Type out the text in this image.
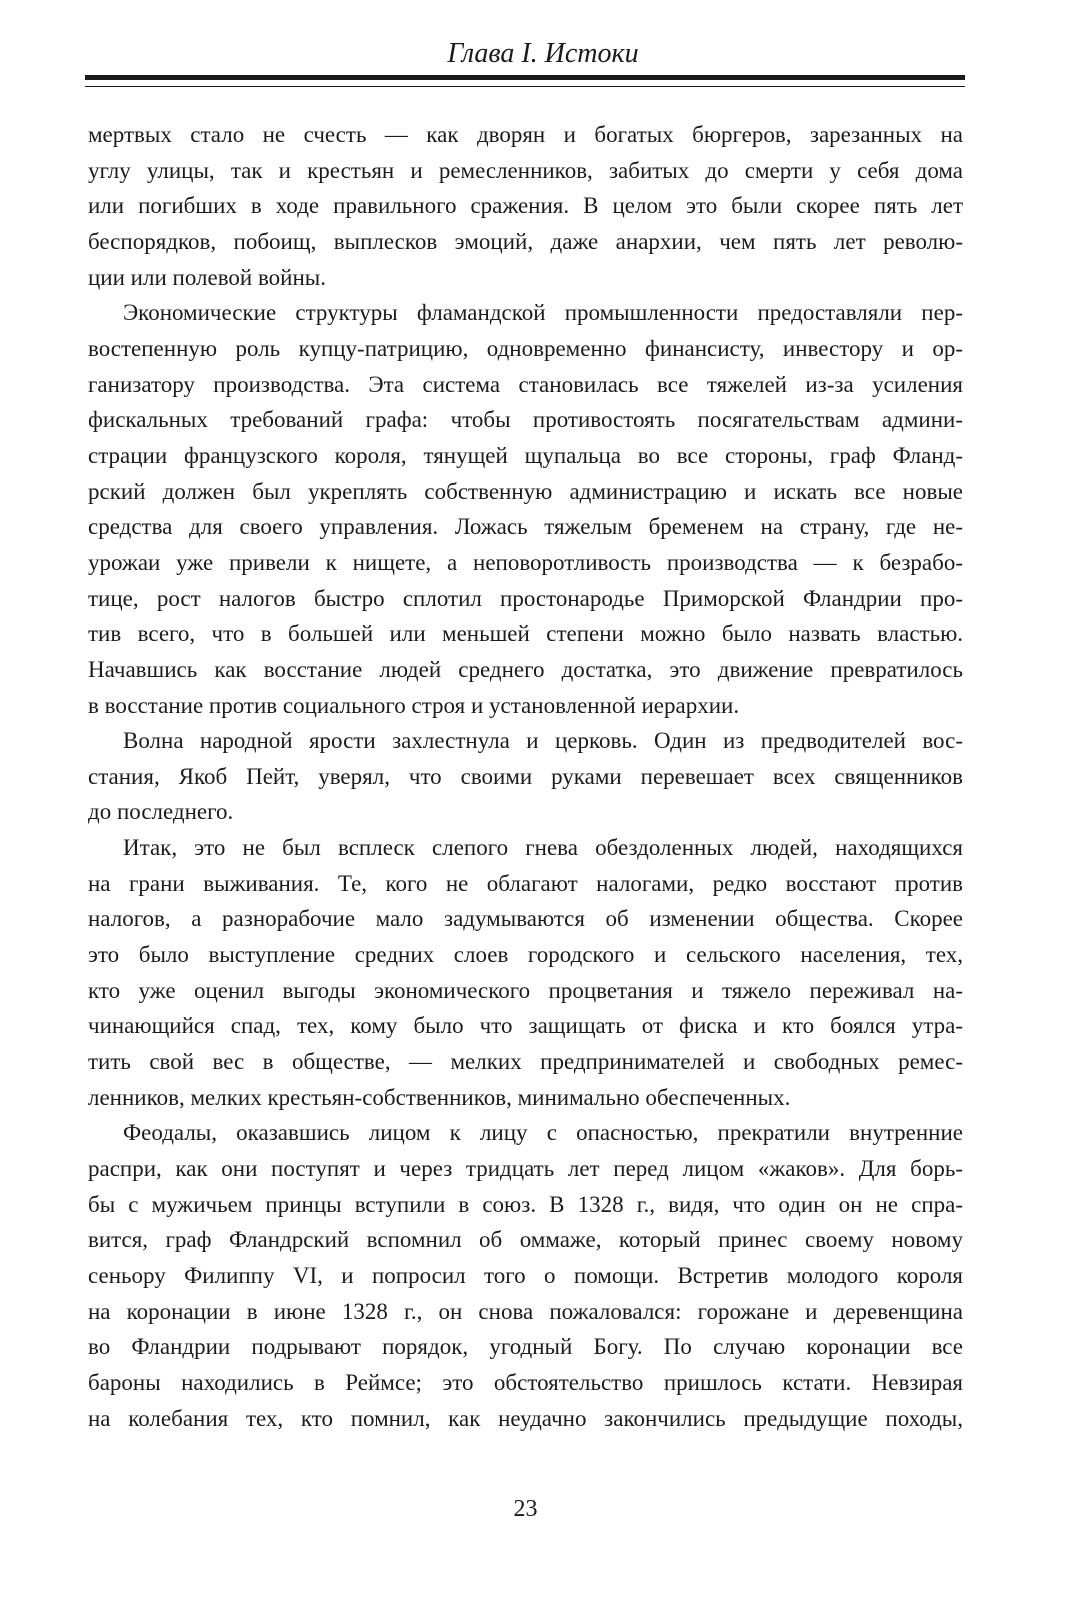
Глава I. Истоки
мертвых стало не счесть — как дворян и богатых бюргеров, зарезанных на
углу улицы, так и крестьян и ремесленников, забитых до смерти у себя дома
или погибших в ходе правильного сражения. В целом это были скорее пять лет
беспорядков, побоищ, выплесков эмоций, даже анархии, чем пять лет револю-
ции или полевой войны.
Экономические структуры фламандской промышленности предоставляли пер-
востепенную роль купцу-патрицию, одновременно финансисту, инвестору и ор-
ганизатору производства. Эта система становилась все тяжелей из-за усиления
фискальных требований графа: чтобы противостоять посягательствам админи-
страции французского короля, тянущей щупальца во все стороны, граф Фланд-
рский должен был укреплять собственную администрацию и искать все новые
средства для своего управления. Ложась тяжелым бременем на страну, где не-
урожаи уже привели к нищете, а неповоротливость производства — к безрабо-
тице, рост налогов быстро сплотил простонародье Приморской Фландрии про-
тив всего, что в большей или меньшей степени можно было назвать властью.
Начавшись как восстание людей среднего достатка, это движение превратилось
в восстание против социального строя и установленной иерархии.
Волна народной ярости захлестнула и церковь. Один из предводителей вос-
стания, Якоб Пейт, уверял, что своими руками перевешает всех священников
до последнего.
Итак, это не был всплеск слепого гнева обездоленных людей, находящихся
на грани выживания. Те, кого не облагают налогами, редко восстают против
налогов, а разнорабочие мало задумываются об изменении общества. Скорее
это было выступление средних слоев городского и сельского населения, тех,
кто уже оценил выгоды экономического процветания и тяжело переживал на-
чинающийся спад, тех, кому было что защищать от фиска и кто боялся утра-
тить свой вес в обществе, — мелких предпринимателей и свободных ремес-
ленников, мелких крестьян-собственников, минимально обеспеченных.
Феодалы, оказавшись лицом к лицу с опасностью, прекратили внутренние
распри, как они поступят и через тридцать лет перед лицом «жаков». Для борь-
бы с мужичьем принцы вступили в союз. В 1328 г., видя, что один он не спра-
вится, граф Фландрский вспомнил об оммаже, который принес своему новому
сеньору Филиппу VI, и попросил того о помощи. Встретив молодого короля
на коронации в июне 1328 г., он снова пожаловался: горожане и деревенщина
во Фландрии подрывают порядок, угодный Богу. По случаю коронации все
бароны находились в Реймсе; это обстоятельство пришлось кстати. Невзирая
на колебания тех, кто помнил, как неудачно закончились предыдущие походы,
23
